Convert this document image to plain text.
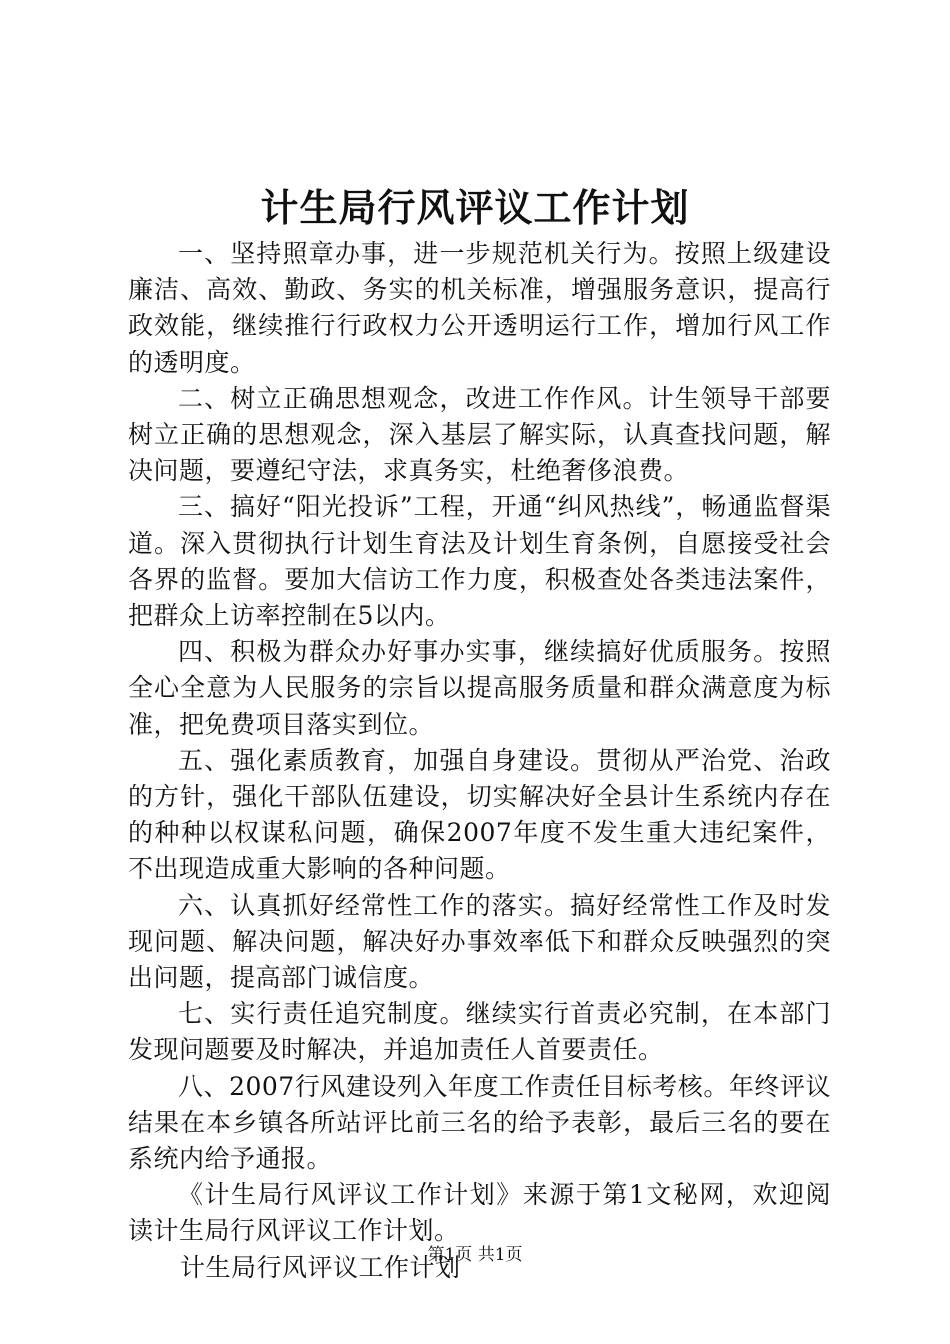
计生局行风评议工作计划

一、坚持照章办事，进一步规范机关行为。按照上级建设廉洁、高效、勤政、务实的机关标准，增强服务意识，提高行政效能，继续推行行政权力公开透明运行工作，增加行风工作的透明度。

二、树立正确思想观念，改进工作作风。计生领导干部要树立正确的思想观念，深入基层了解实际，认真查找问题，解决问题，要遵纪守法，求真务实，杜绝奢侈浪费。

三、搞好“阳光投诉”工程，开通“纠风热线”，畅通监督渠道。深入贯彻执行计划生育法及计划生育条例，自愿接受社会各界的监督。要加大信访工作力度，积极查处各类违法案件，把群众上访率控制在5以内。

四、积极为群众办好事办实事，继续搞好优质服务。按照全心全意为人民服务的宗旨以提高服务质量和群众满意度为标准，把免费项目落实到位。

五、强化素质教育，加强自身建设。贯彻从严治党、治政的方针，强化干部队伍建设，切实解决好全县计生系统内存在的种种以权谋私问题，确保2007年度不发生重大违纪案件，不出现造成重大影响的各种问题。

六、认真抓好经常性工作的落实。搞好经常性工作及时发现问题、解决问题，解决好办事效率低下和群众反映强烈的突出问题，提高部门诚信度。

七、实行责任追究制度。继续实行首责必究制，在本部门发现问题要及时解决，并追加责任人首要责任。

八、2007行风建设列入年度工作责任目标考核。年终评议结果在本乡镇各所站评比前三名的给予表彰，最后三名的要在系统内给予通报。

《计生局行风评议工作计划》来源于第1文秘网，欢迎阅读计生局行风评议工作计划。

计生局行风评议工作计划

第1页 共1页
